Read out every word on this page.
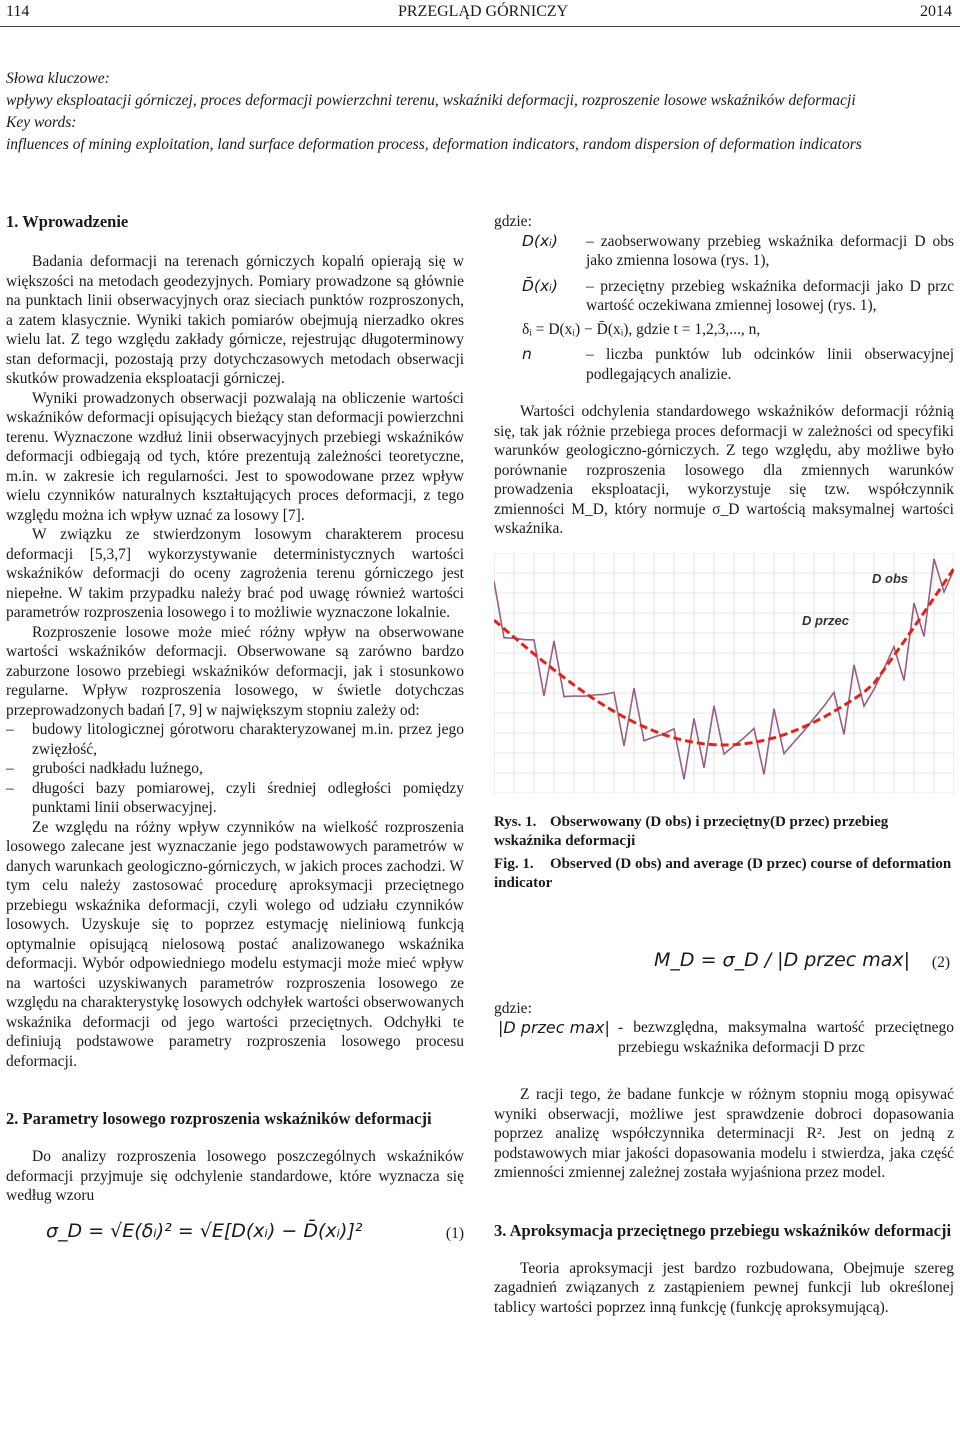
114	PRZEGLĄD GÓRNICZY	2014

Słowa kluczowe:

wpływy eksploatacji górniczej, proces deformacji powierzchni terenu, wskaźniki deformacji, rozproszenie losowe wskaźników deformacji

Key words:

influences of mining exploitation, land surface deformation process, deformation indicators, random dispersion of deformation indicators

1. Wprowadzenie

Badania deformacji na terenach górniczych kopalń opierają się w większości na metodach geodezyjnych. Pomiary prowadzone są głównie na punktach linii obserwacyjnych oraz sieciach punktów rozproszonych, a zatem klasycznie. Wyniki takich pomiarów obejmują nierzadko okres wielu lat. Z tego względu zakłady górnicze, rejestrując długoterminowy stan deformacji, pozostają przy dotychczasowych metodach obserwacji skutków prowadzenia eksploatacji górniczej.

Wyniki prowadzonych obserwacji pozwalają na obliczenie wartości wskaźników deformacji opisujących bieżący stan deformacji powierzchni terenu. Wyznaczone wzdłuż linii obserwacyjnych przebiegi wskaźników deformacji odbiegają od tych, które prezentują zależności teoretyczne, m.in. w zakresie ich regularności. Jest to spowodowane przez wpływ wielu czynników naturalnych kształtujących proces deformacji, z tego względu można ich wpływ uznać za losowy [7].

W związku ze stwierdzonym losowym charakterem procesu deformacji [5,3,7] wykorzystywanie deterministycznych wartości wskaźników deformacji do oceny zagrożenia terenu górniczego jest niepełne. W takim przypadku należy brać pod uwagę również wartości parametrów rozproszenia losowego i to możliwie wyznaczone lokalnie.

Rozproszenie losowe może mieć różny wpływ na obserwowane wartości wskaźników deformacji. Obserwowane są zarówno bardzo zaburzone losowo przebiegi wskaźników deformacji, jak i stosunkowo regularne. Wpływ rozproszenia losowego, w świetle dotychczas przeprowadzonych badań [7, 9] w największym stopniu zależy od:

– budowy litologicznej górotworu charakteryzowanej m.in. przez jego zwięzłość,
– grubości nadkładu luźnego,
– długości bazy pomiarowej, czyli średniej odległości pomiędzy punktami linii obserwacyjnej.

Ze względu na różny wpływ czynników na wielkość rozproszenia losowego zalecane jest wyznaczanie jego podstawowych parametrów w danych warunkach geologiczno-górniczych, w jakich proces zachodzi. W tym celu należy zastosować procedurę aproksymacji przeciętnego przebiegu wskaźnika deformacji, czyli wolego od udziału czynników losowych. Uzyskuje się to poprzez estymację nieliniową funkcją optymalnie opisującą nielosową postać analizowanego wskaźnika deformacji. Wybór odpowiedniego modelu estymacji może mieć wpływ na wartości uzyskiwanych parametrów rozproszenia losowego ze względu na charakterystykę losowych odchyłek wartości obserwowanych wskaźnika deformacji od jego wartości przeciętnych. Odchyłki te definiują podstawowe parametry rozproszenia losowego procesu deformacji.

2. Parametry losowego rozproszenia wskaźników deformacji

Do analizy rozproszenia losowego poszczególnych wskaźników deformacji przyjmuje się odchylenie standardowe, które wyznacza się według wzoru

σ_D = √E(δᵢ)² = √E[D(xᵢ) − D̄(xᵢ)]²	(1)

gdzie:

D(xᵢ) – zaobserwowany przebieg wskaźnika deformacji D obs jako zmienna losowa (rys. 1),
D̄(xᵢ) – przeciętny przebieg wskaźnika deformacji jako D przc wartość oczekiwana zmiennej losowej (rys. 1),
δᵢ = D(xᵢ) − D̄(xᵢ), gdzie t = 1,2,3,..., n,
n	– liczba punktów lub odcinków linii obserwacyjnej podlegających analizie.

Wartości odchylenia standardowego wskaźników deformacji różnią się, tak jak różnie przebiega proces deformacji w zależności od specyfiki warunków geologiczno-górniczych. Z tego względu, aby możliwe było porównanie rozproszenia losowego dla zmiennych warunków prowadzenia eksploatacji, wykorzystuje się tzw. współczynnik zmienności M_D, który normuje σ_D wartością maksymalnej wartości wskaźnika.

D obs
D przec
Rys. 1. Obserwowany (D obs) i przeciętny(D przec) przebieg wskaźnika deformacji
Fig. 1. Observed (D obs) and average (D przec) course of deformation indicator
M_D = σ_D / |D przec max| (2)

gdzie:

|D przec max| - bezwzględna, maksymalna wartość przeciętnego przebiegu wskaźnika deformacji D przc

Z racji tego, że badane funkcje w różnym stopniu mogą opisywać wyniki obserwacji, możliwe jest sprawdzenie dobroci dopasowania poprzez analizę współczynnika determinacji R². Jest on jedną z podstawowych miar jakości dopasowania modelu i stwierdza, jaka część zmienności zmiennej zależnej została wyjaśniona przez model.

3. Aproksymacja przeciętnego przebiegu wskaźników deformacji

Teoria aproksymacji jest bardzo rozbudowana, Obejmuje szereg zagadnień związanych z zastąpieniem pewnej funkcji lub określonej tablicy wartości poprzez inną funkcję (funkcję aproksymującą).
